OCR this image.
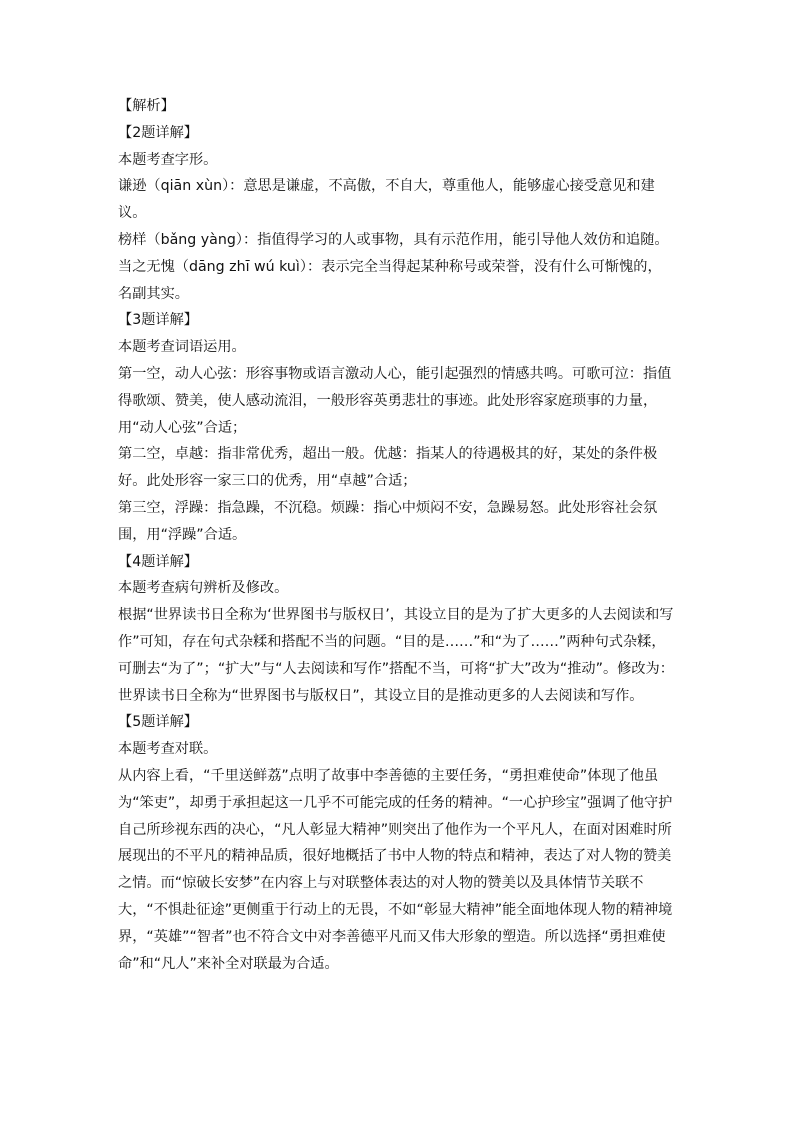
【解析】

【2题详解】

本题考查字形。

谦逊（qiān xùn）：意思是谦虚，不高傲，不自大，尊重他人，能够虚心接受意见和建议。

榜样（bǎng yàng）：指值得学习的人或事物，具有示范作用，能引导他人效仿和追随。

当之无愧（dāng zhī wú kuì）：表示完全当得起某种称号或荣誉，没有什么可惭愧的，名副其实。

【3题详解】

本题考查词语运用。

第一空，动人心弦：形容事物或语言激动人心，能引起强烈的情感共鸣。可歌可泣：指值得歌颂、赞美，使人感动流泪，一般形容英勇悲壮的事迹。此处形容家庭琐事的力量，用“动人心弦”合适；

第二空，卓越：指非常优秀，超出一般。优越：指某人的待遇极其的好，某处的条件极好。此处形容一家三口的优秀，用“卓越”合适；

第三空，浮躁：指急躁，不沉稳。烦躁：指心中烦闷不安，急躁易怒。此处形容社会氛围，用“浮躁”合适。

【4题详解】

本题考查病句辨析及修改。

根据“世界读书日全称为‘世界图书与版权日’，其设立目的是为了扩大更多的人去阅读和写作”可知，存在句式杂糅和搭配不当的问题。“目的是……”和“为了……”两种句式杂糅，可删去“为了”；“扩大”与“人去阅读和写作”搭配不当，可将“扩大”改为“推动”。修改为：世界读书日全称为“世界图书与版权日”，其设立目的是推动更多的人去阅读和写作。

【5题详解】

本题考查对联。

从内容上看，“千里送鲜荔”点明了故事中李善德的主要任务，“勇担难使命”体现了他虽为“笨吏”，却勇于承担起这一几乎不可能完成的任务的精神。“一心护珍宝”强调了他守护自己所珍视东西的决心，“凡人彰显大精神”则突出了他作为一个平凡人，在面对困难时所展现出的不平凡的精神品质，很好地概括了书中人物的特点和精神，表达了对人物的赞美之情。而“惊破长安梦”在内容上与对联整体表达的对人物的赞美以及具体情节关联不大，“不惧赴征途”更侧重于行动上的无畏，不如“彰显大精神”能全面地体现人物的精神境界，“英雄”“智者”也不符合文中对李善德平凡而又伟大形象的塑造。所以选择“勇担难使命”和“凡人”来补全对联最为合适。
